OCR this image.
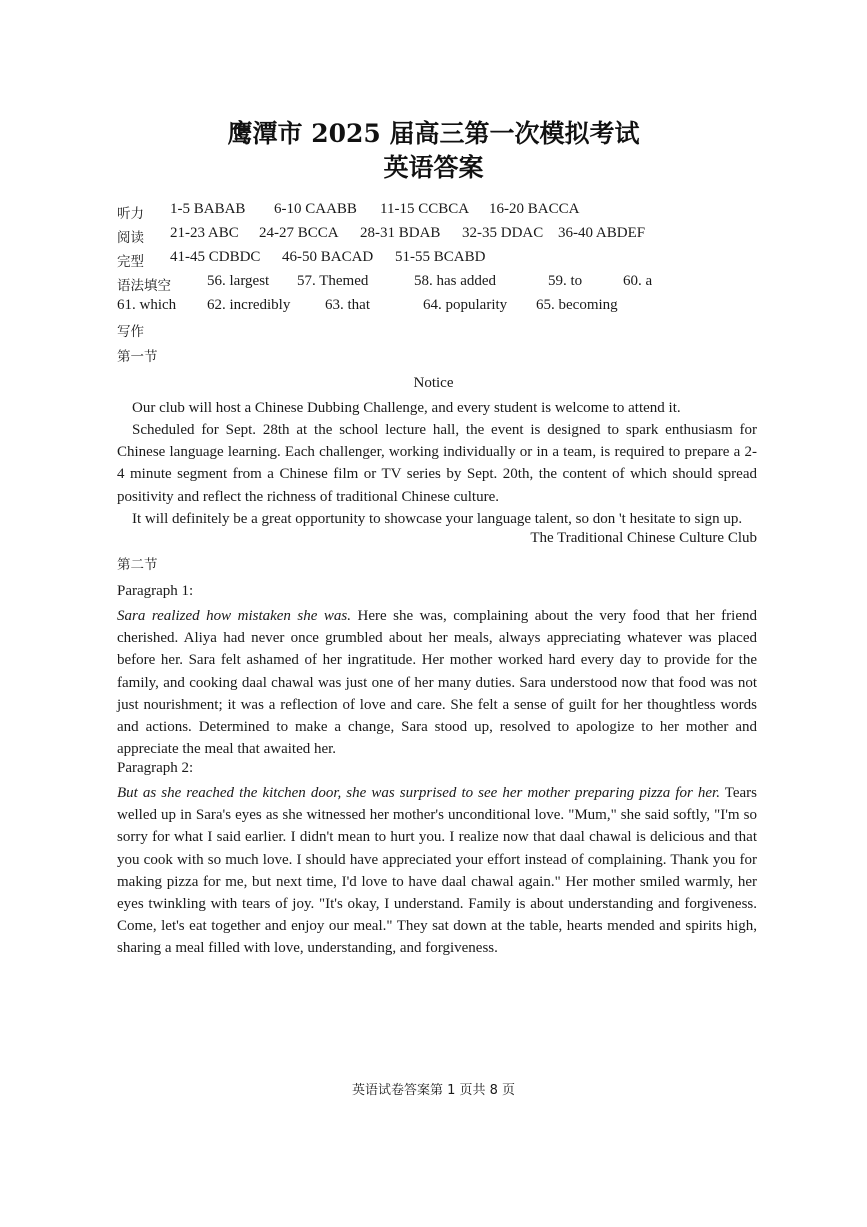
鹰潭市 2025 届高三第一次模拟考试
英语答案
听力 1-5 BABAB 6-10 CAABB 11-15 CCBCA 16-20 BACCA
阅读 21-23 ABC 24-27 BCCA 28-31 BDAB 32-35 DDAC 36-40 ABDEF
完型 41-45 CDBDC 46-50 BACAD 51-55 BCABD
语法填空 56. largest 57. Themed	58. has added	59. to	60. a
61. which 62. incredibly 63. that	64. popularity 65. becoming
写作
第一节
Notice
Our club will host a Chinese Dubbing Challenge, and every student is welcome to attend it.
Scheduled for Sept. 28th at the school lecture hall, the event is designed to spark enthusiasm for Chinese language learning. Each challenger, working individually or in a team, is required to prepare a 2-4 minute segment from a Chinese film or TV series by Sept. 20th, the content of which should spread positivity and reflect the richness of traditional Chinese culture.
It will definitely be a great opportunity to showcase your language talent, so don 't hesitate to sign up.
The Traditional Chinese Culture Club
第二节
Paragraph 1:
Sara realized how mistaken she was. Here she was, complaining about the very food that her friend cherished. Aliya had never once grumbled about her meals, always appreciating whatever was placed before her. Sara felt ashamed of her ingratitude. Her mother worked hard every day to provide for the family, and cooking daal chawal was just one of her many duties. Sara understood now that food was not just nourishment; it was a reflection of love and care. She felt a sense of guilt for her thoughtless words and actions. Determined to make a change, Sara stood up, resolved to apologize to her mother and appreciate the meal that awaited her.
Paragraph 2:
But as she reached the kitchen door, she was surprised to see her mother preparing pizza for her. Tears welled up in Sara's eyes as she witnessed her mother's unconditional love. "Mum," she said softly, "I'm so sorry for what I said earlier. I didn't mean to hurt you. I realize now that daal chawal is delicious and that you cook with so much love. I should have appreciated your effort instead of complaining. Thank you for making pizza for me, but next time, I'd love to have daal chawal again." Her mother smiled warmly, her eyes twinkling with tears of joy. "It's okay, I understand. Family is about understanding and forgiveness. Come, let's eat together and enjoy our meal." They sat down at the table, hearts mended and spirits high, sharing a meal filled with love, understanding, and forgiveness.
英语试卷答案第 1 页共 8 页
